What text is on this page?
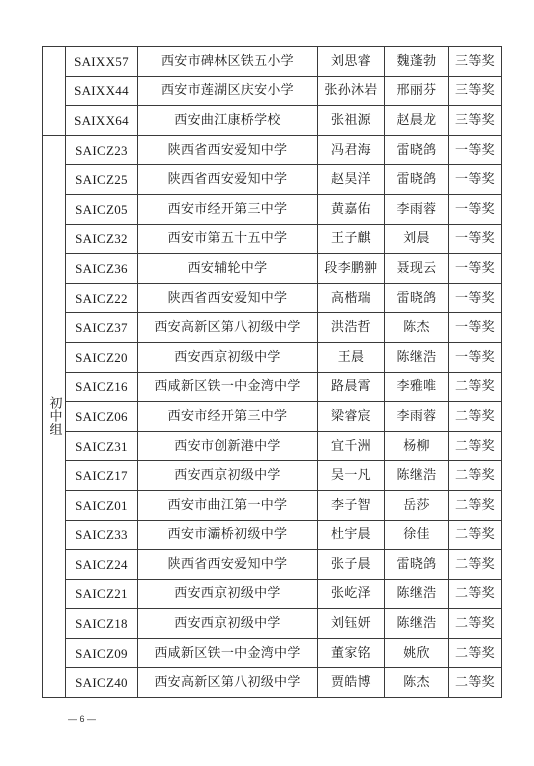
	SAIXX57	西安市碑林区铁五小学	刘思睿	魏蓬勃	三等奖
	SAIXX44	西安市莲湖区庆安小学	张孙沐岩	邢丽芬	三等奖
	SAIXX64	西安曲江康桥学校	张祖源	赵晨龙	三等奖
初中组	SAICZ23	陕西省西安爱知中学	冯君海	雷晓鸽	一等奖
	SAICZ25	陕西省西安爱知中学	赵昊洋	雷晓鸽	一等奖
	SAICZ05	西安市经开第三中学	黄嘉佑	李雨蓉	一等奖
	SAICZ32	西安市第五十五中学	王子麒	刘晨	一等奖
	SAICZ36	西安辅轮中学	段李鹏翀	聂现云	一等奖
	SAICZ22	陕西省西安爱知中学	高楷瑞	雷晓鸽	一等奖
	SAICZ37	西安高新区第八初级中学	洪浩哲	陈杰	一等奖
	SAICZ20	西安西京初级中学	王晨	陈继浩	一等奖
	SAICZ16	西咸新区铁一中金湾中学	路晨霄	李雅唯	二等奖
	SAICZ06	西安市经开第三中学	梁睿宸	李雨蓉	二等奖
	SAICZ31	西安市创新港中学	宜千洲	杨柳	二等奖
	SAICZ17	西安西京初级中学	吴一凡	陈继浩	二等奖
	SAICZ01	西安市曲江第一中学	李子智	岳莎	二等奖
	SAICZ33	西安市灞桥初级中学	杜宇晨	徐佳	二等奖
	SAICZ24	陕西省西安爱知中学	张子晨	雷晓鸽	二等奖
	SAICZ21	西安西京初级中学	张屹泽	陈继浩	二等奖
	SAICZ18	西安西京初级中学	刘钰妍	陈继浩	二等奖
	SAICZ09	西咸新区铁一中金湾中学	董家铭	姚欣	二等奖
	SAICZ40	西安高新区第八初级中学	贾皓博	陈杰	二等奖
— 6 —
